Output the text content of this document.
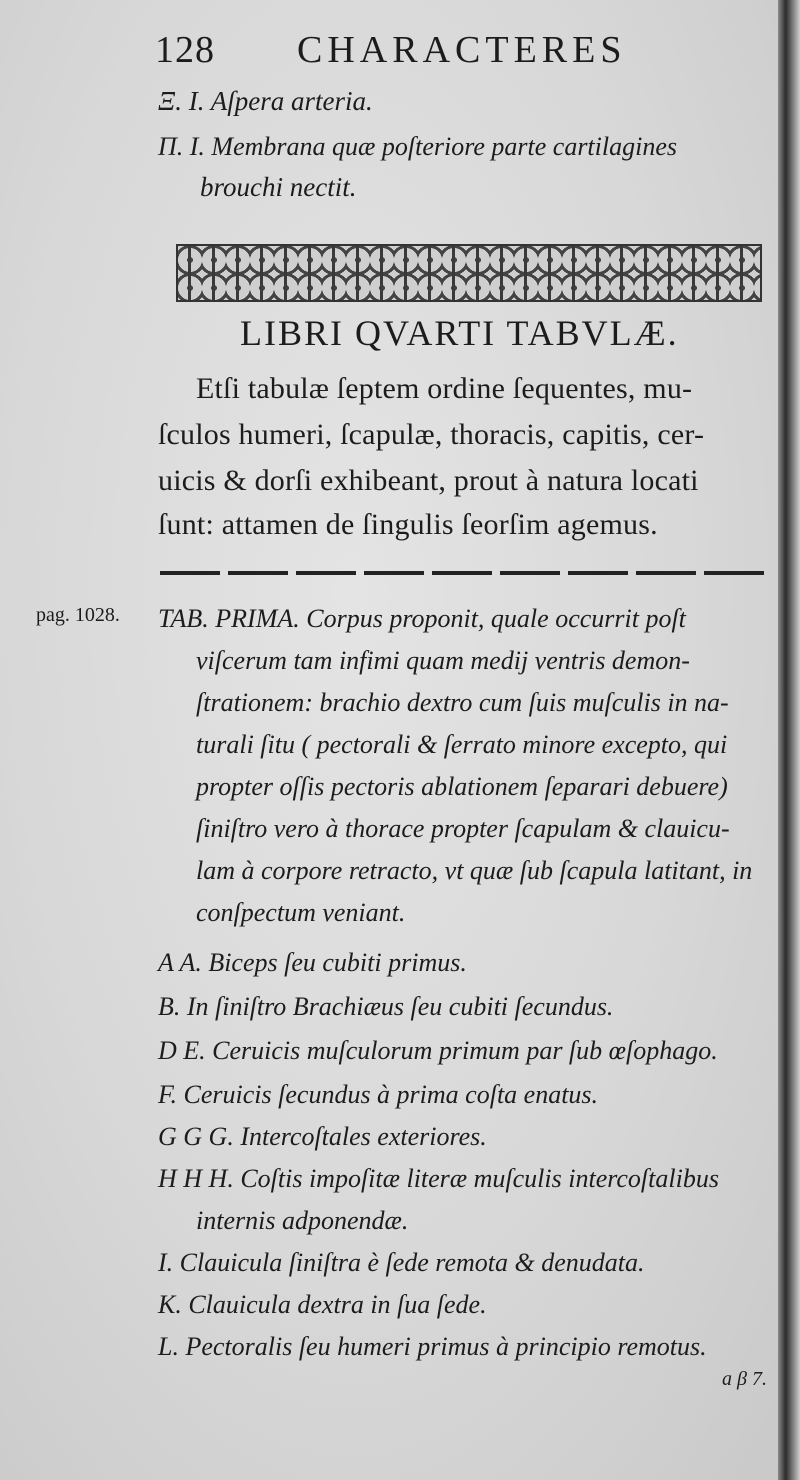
128 CHARACTERES
Ξ. I. Aſpera arteria.
Π. I. Membrana quæ poſteriore parte cartilagines
brouchi nectit.
LIBRI QVARTI TABVLÆ.
Etſi tabulæ ſeptem ordine ſequentes, mu-
ſculos humeri, ſcapulæ, thoracis, capitis, cer-
uicis & dorſi exhibeant, prout à natura locati
ſunt: attamen de ſingulis ſeorſim agemus.
pag. 1028. TAB. PRIMA. Corpus proponit, quale occurrit poſt
viſcerum tam infimi quam medij ventris demon-
ſtrationem: brachio dextro cum ſuis muſculis in na-
turali ſitu ( pectorali & ſerrato minore excepto, qui
propter oſſis pectoris ablationem ſeparari debuere)
ſiniſtro vero à thorace propter ſcapulam & clauicu-
lam à corpore retracto, vt quæ ſub ſcapula latitant, in
conſpectum veniant.
A A. Biceps ſeu cubiti primus.
B. In ſiniſtro Brachiæus ſeu cubiti ſecundus.
D E. Ceruicis muſculorum primum par ſub œſophago.
F. Ceruicis ſecundus à prima coſta enatus.
G G G. Intercoſtales exteriores.
H H H. Coſtis impoſitæ literæ muſculis intercoſtalibus
internis adponendæ.
I. Clauicula ſiniſtra è ſede remota & denudata.
K. Clauicula dextra in ſua ſede.
L. Pectoralis ſeu humeri primus à principio remotus.
a β 7.
